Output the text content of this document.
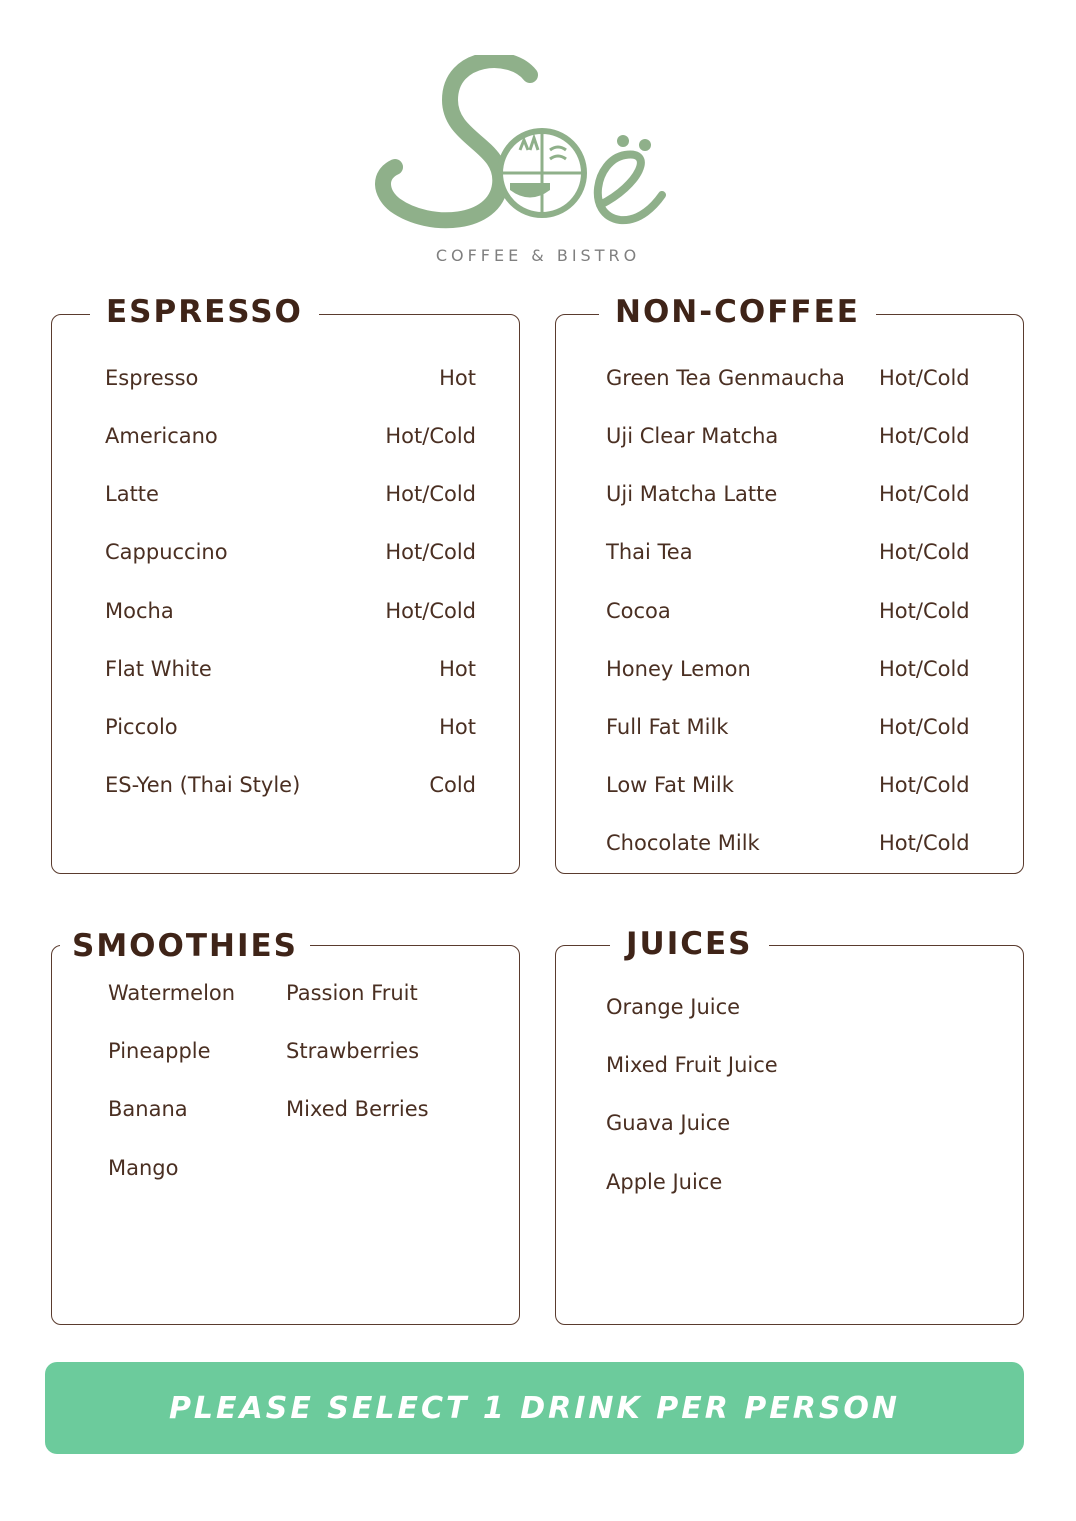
COFFEE & BISTRO
ESPRESSO
Espresso	Hot
Americano	Hot/Cold
Latte	Hot/Cold
Cappuccino	Hot/Cold
Mocha	Hot/Cold
Flat White	Hot
Piccolo	Hot
ES-Yen (Thai Style)	Cold
NON-COFFEE
Green Tea Genmaucha Hot/Cold
Uji Clear Matcha	Hot/Cold
Uji Matcha Latte	Hot/Cold
Thai Tea	Hot/Cold
Cocoa	Hot/Cold
Honey Lemon	Hot/Cold
Full Fat Milk	Hot/Cold
Low Fat Milk	Hot/Cold
Chocolate Milk	Hot/Cold
SMOOTHIES
Watermelon
Pineapple
Banana
Mango
Passion Fruit
Strawberries
Mixed Berries
JUICES
Orange Juice
Mixed Fruit Juice
Guava Juice
Apple Juice
PLEASE SELECT 1 DRINK PER PERSON
